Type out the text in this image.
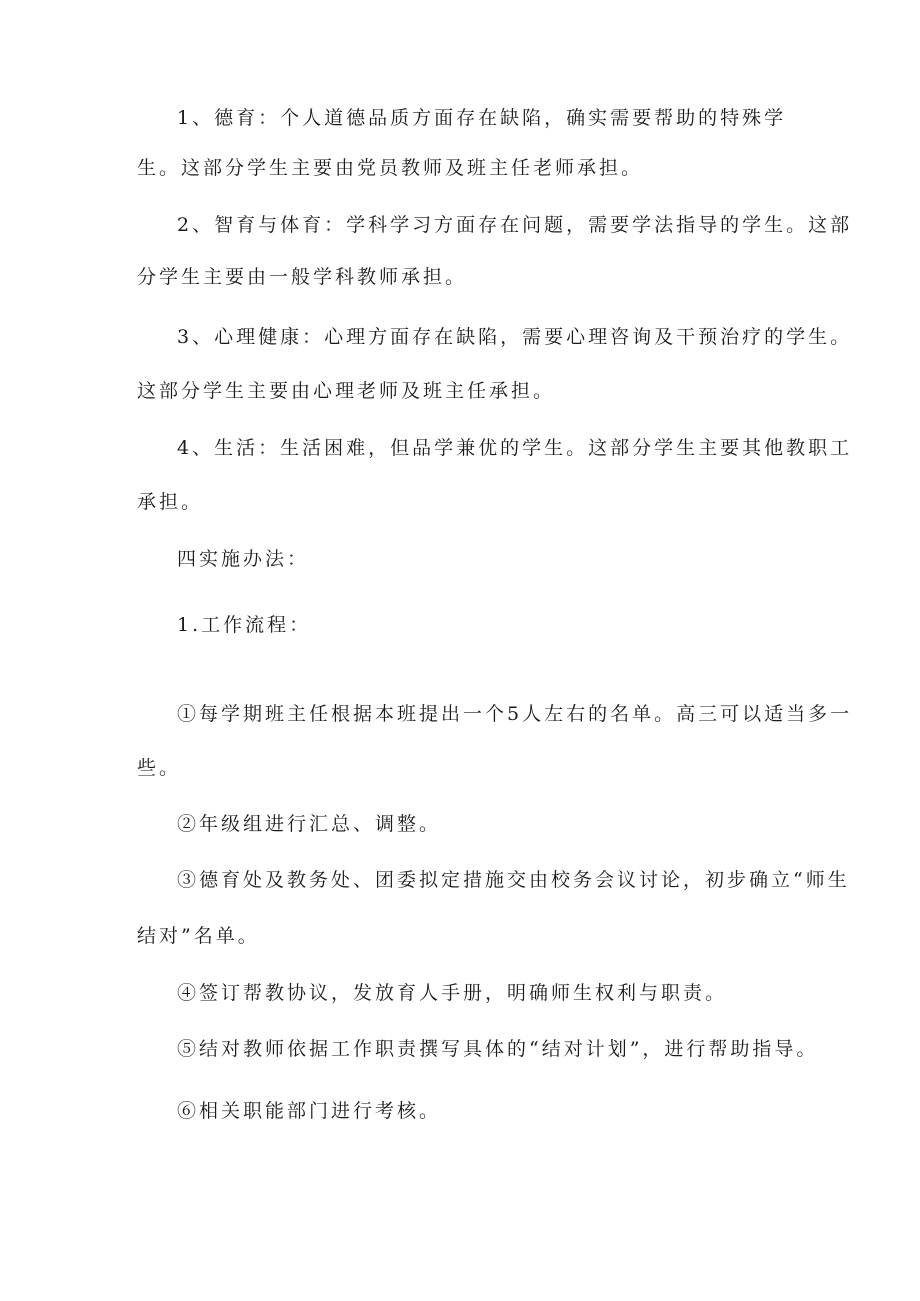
1、德育：个人道德品质方面存在缺陷，确实需要帮助的特殊学
生。这部分学生主要由党员教师及班主任老师承担。
2、智育与体育：学科学习方面存在问题，需要学法指导的学生。这部
分学生主要由一般学科教师承担。
3、心理健康：心理方面存在缺陷，需要心理咨询及干预治疗的学生。
这部分学生主要由心理老师及班主任承担。
4、生活：生活困难，但品学兼优的学生。这部分学生主要其他教职工
承担。
四实施办法：
1.工作流程：
①每学期班主任根据本班提出一个5人左右的名单。高三可以适当多一
些。
②年级组进行汇总、调整。
③德育处及教务处、团委拟定措施交由校务会议讨论，初步确立“师生
结对”名单。
④签订帮教协议，发放育人手册，明确师生权利与职责。
⑤结对教师依据工作职责撰写具体的“结对计划”，进行帮助指导。
⑥相关职能部门进行考核。
